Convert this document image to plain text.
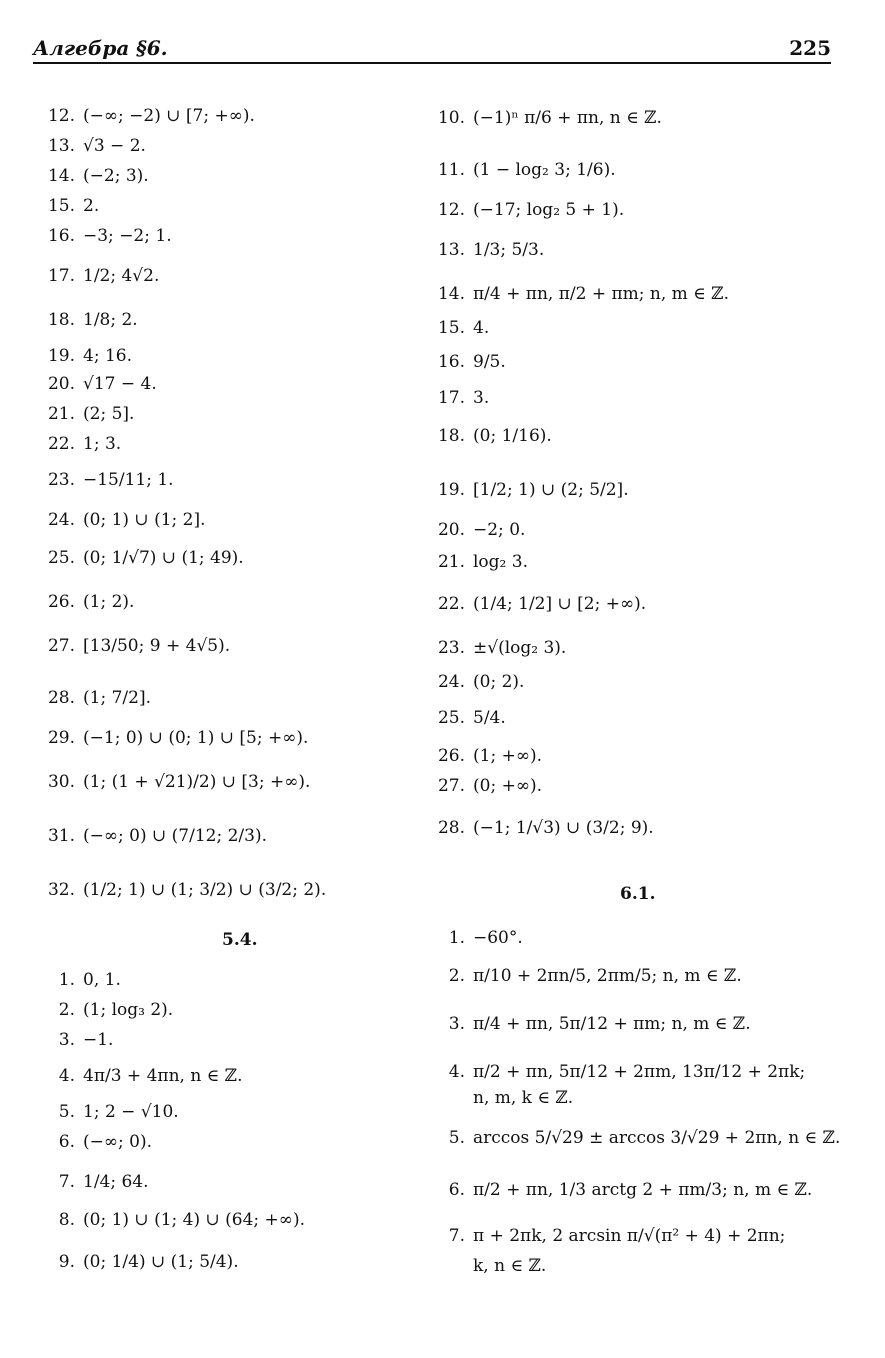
Алгебра §6.	225
12. (−∞; −2) ∪ [7; +∞).
13. √3 − 2.
14. (−2; 3).
15. 2.
16. −3; −2; 1.
17. 1/2; 4√2.
18. 1/8; 2.
19. 4; 16.
20. √17 − 4.
21. (2; 5].
22. 1; 3.
23. −15/11; 1.
24. (0; 1) ∪ (1; 2].
25. (0; 1/√7) ∪ (1; 49).
26. (1; 2).
27. [13/50; 9 + 4√5).
28. (1; 7/2].
29. (−1; 0) ∪ (0; 1) ∪ [5; +∞).
30. (1; (1 + √21)/2) ∪ [3; +∞).
31. (−∞; 0) ∪ (7/12; 2/3).
32. (1/2; 1) ∪ (1; 3/2) ∪ (3/2; 2).
5.4.
1. 0, 1.
2. (1; log₃ 2).
3. −1.
4. 4π/3 + 4πn, n ∈ ℤ.
5. 1; 2 − √10.
6. (−∞; 0).
7. 1/4; 64.
8. (0; 1) ∪ (1; 4) ∪ (64; +∞).
9. (0; 1/4) ∪ (1; 5/4).
10. (−1)ⁿ π/6 + πn, n ∈ ℤ.
11. (1 − log₂ 3; 1/6).
12. (−17; log₂ 5 + 1).
13. 1/3; 5/3.
14. π/4 + πn, π/2 + πm; n, m ∈ ℤ.
15. 4.
16. 9/5.
17. 3.
18. (0; 1/16).
19. [1/2; 1) ∪ (2; 5/2].
20. −2; 0.
21. log₂ 3.
22. (1/4; 1/2] ∪ [2; +∞).
23. ±√(log₂ 3).
24. (0; 2).
25. 5/4.
26. (1; +∞).
27. (0; +∞).
28. (−1; 1/√3) ∪ (3/2; 9).
6.1.
1. −60°.
2. π/10 + 2πn/5, 2πm/5; n, m ∈ ℤ.
3. π/4 + πn, 5π/12 + πm; n, m ∈ ℤ.
4. π/2 + πn, 5π/12 + 2πm, 13π/12 + 2πk;
n, m, k ∈ ℤ.
5. arccos 5/√29 ± arccos 3/√29 + 2πn, n ∈ ℤ.
6. π/2 + πn, 1/3 arctg 2 + πm/3; n, m ∈ ℤ.
7. π + 2πk, 2 arcsin π/√(π² + 4) + 2πn;
k, n ∈ ℤ.
